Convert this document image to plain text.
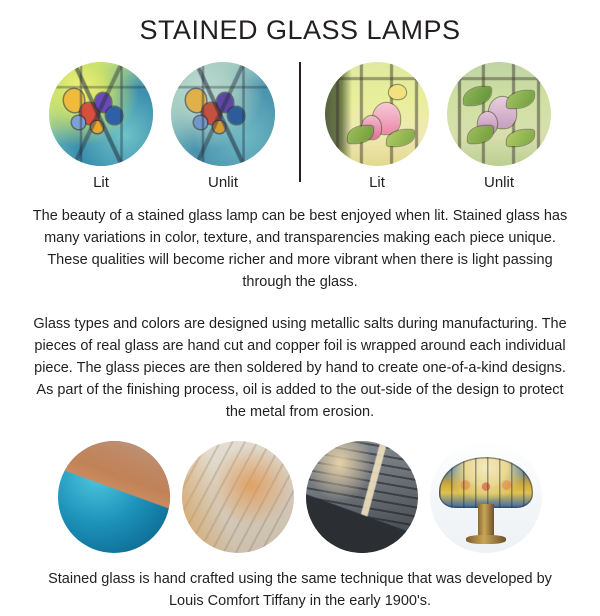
STAINED GLASS LAMPS
Lit	Unlit	Lit	Unlit

The beauty of a stained glass lamp can be best enjoyed when lit. Stained glass has many variations in color, texture, and transparencies making each piece unique. These qualities will become richer and more vibrant when there is light passing through the glass.

Glass types and colors are designed using metallic salts during manufacturing. The pieces of real glass are hand cut and copper foil is wrapped around each individual piece. The glass pieces are then soldered by hand to create one-of-a-kind designs. As part of the finishing process, oil is added to the out-side of the design to protect the metal from erosion.

Stained glass is hand crafted using the same technique that was developed by
Louis Comfort Tiffany in the early 1900's.
